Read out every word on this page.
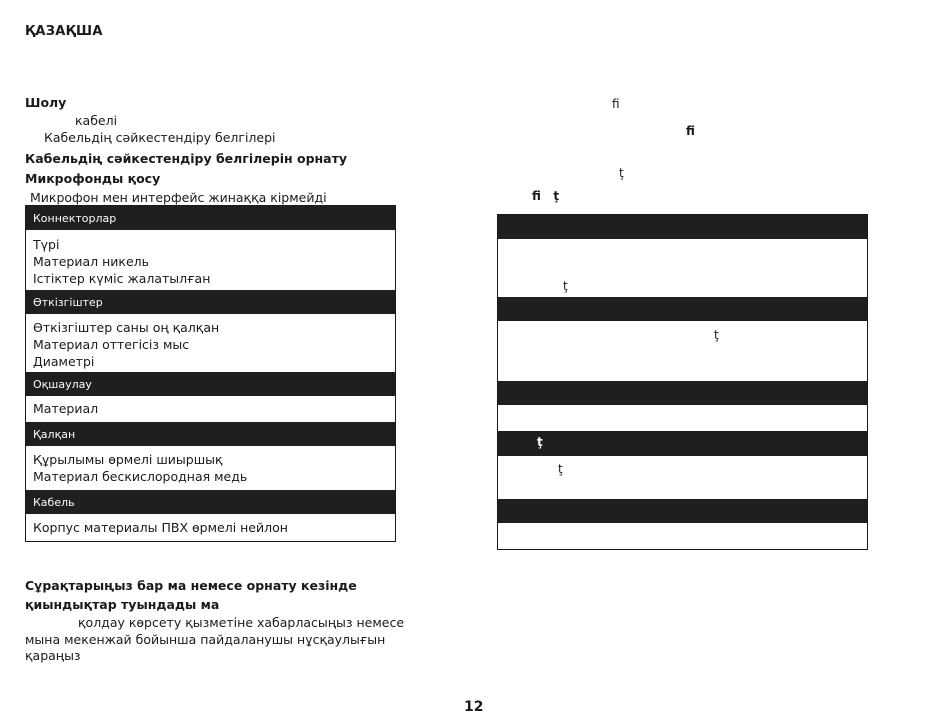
ҚАЗАҚША
Шолу
кабелі
Кабельдің сәйкестендіру белгілері
Кабельдің сәйкестендіру белгілерін орнату
Микрофонды қосу
Микрофон мен интерфейс жинаққа кірмейді
Коннекторлар
Түрі
Материал никель
Істіктер күміс жалатылған
Өткізгіштер
Өткізгіштер саны оң қалқан
Материал оттегісіз мыс
Диаметрі
Оқшаулау
Материал
Қалқан
Құрылымы өрмелі шиыршық
Материал бескислородная медь
Кабель
Корпус материалы ПВХ өрмелі нейлон
Сұрақтарыңыз бар ма немесе орнату кезінде
қиындықтар туындады ма
қолдау көрсету қызметіне хабарласыңыз немесе
мына мекенжай бойынша пайдаланушы нұсқаулығын
қараңыз
ﬁ
ﬁ
ţ
ﬁ   ţ
ţ
ţ
ţ
ţ
12
